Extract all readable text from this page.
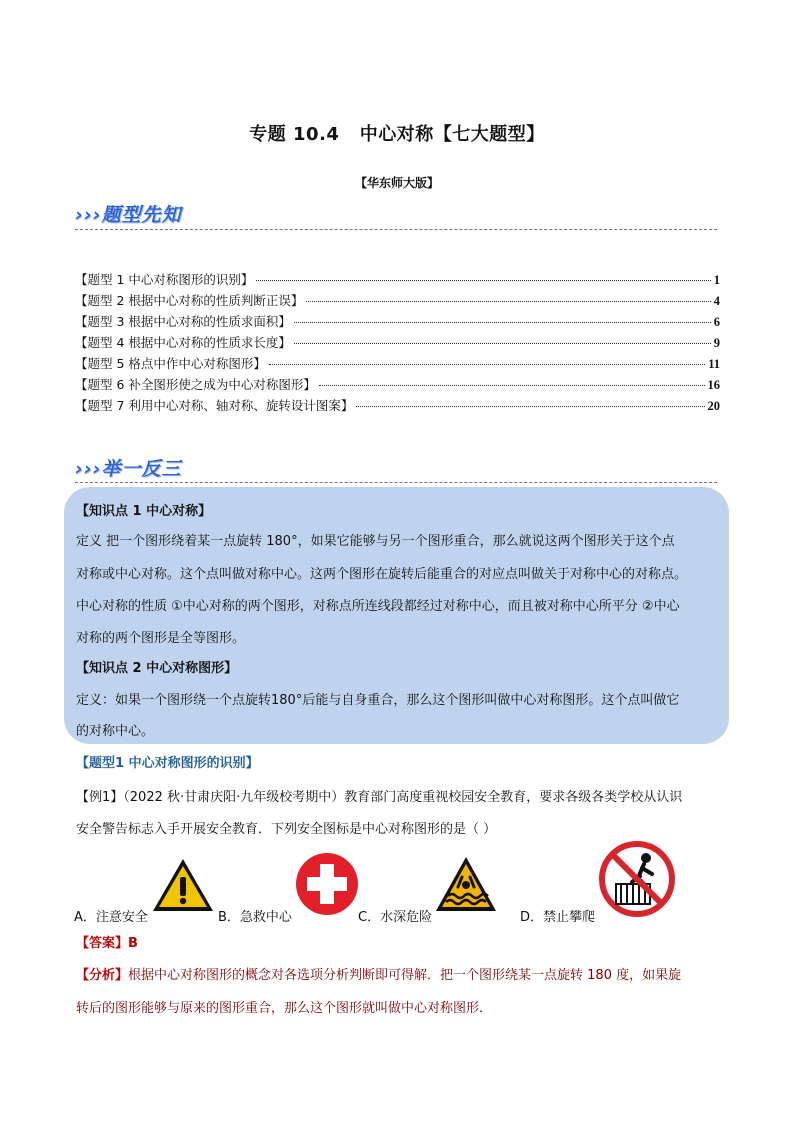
专题 10.4   中心对称【七大题型】
【华东师大版】
›››题型先知
【题型 1 中心对称图形的识别】	1
【题型 2 根据中心对称的性质判断正误】	4
【题型 3 根据中心对称的性质求面积】	6
【题型 4 根据中心对称的性质求长度】	9
【题型 5 格点中作中心对称图形】	11
【题型 6 补全图形使之成为中心对称图形】	16
【题型 7 利用中心对称、轴对称、旋转设计图案】	20
›››举一反三
【知识点 1 中心对称】
定义 把一个图形绕着某一点旋转 180°，如果它能够与另一个图形重合，那么就说这两个图形关于这个点
对称或中心对称。这个点叫做对称中心。这两个图形在旋转后能重合的对应点叫做关于对称中心的对称点。
中心对称的性质 ①中心对称的两个图形，对称点所连线段都经过对称中心，而且被对称中心所平分 ②中心
对称的两个图形是全等图形。
【知识点 2 中心对称图形】
定义：如果一个图形绕一个点旋转180°后能与自身重合，那么这个图形叫做中心对称图形。这个点叫做它
的对称中心。
【题型1 中心对称图形的识别】
【例1】（2022 秋·甘肃庆阳·九年级校考期中）教育部门高度重视校园安全教育，要求各级各类学校从认识
安全警告标志入手开展安全教育．下列安全图标是中心对称图形的是（ ）
A．注意安全	B．急救中心	C．水深危险	D．禁止攀爬
【答案】B
【分析】根据中心对称图形的概念对各选项分析判断即可得解．把一个图形绕某一点旋转 180 度，如果旋
转后的图形能够与原来的图形重合，那么这个图形就叫做中心对称图形．
